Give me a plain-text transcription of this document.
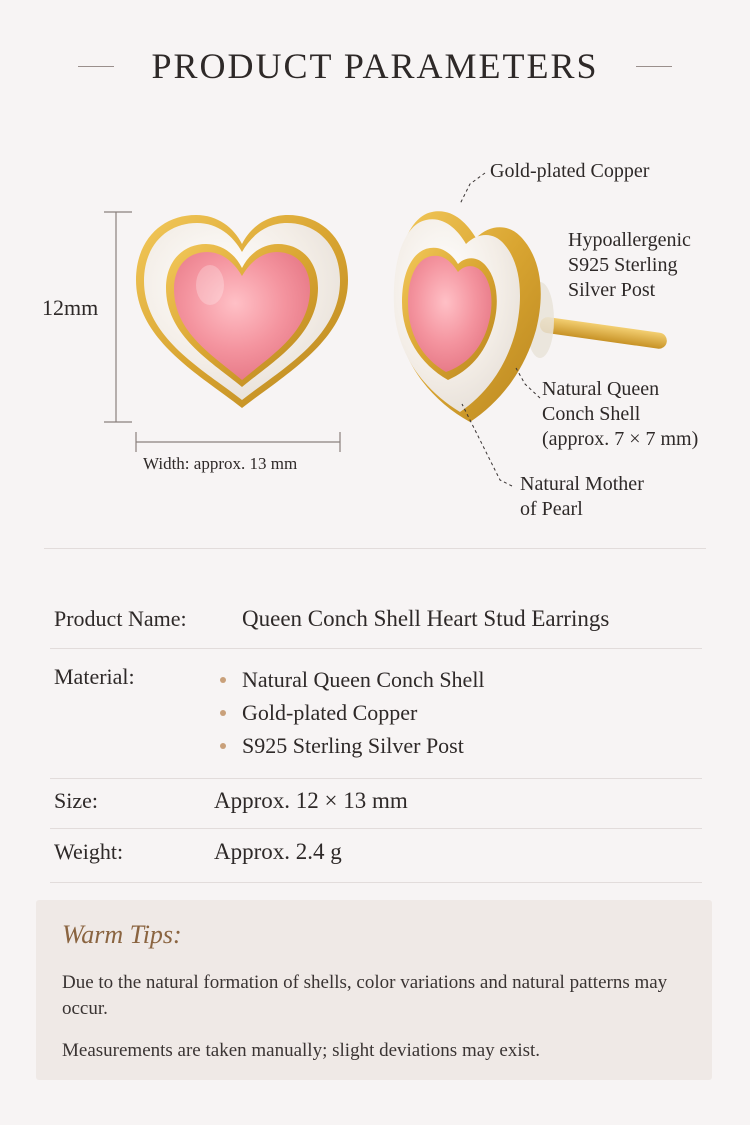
PRODUCT PARAMETERS
12mm
Width: approx. 13 mm
Gold-plated Copper
Hypoallergenic
S925 Sterling
Silver Post
Natural Queen
Conch Shell
(approx. 7 × 7 mm)
Natural Mother
of Pearl
Product Name: Queen Conch Shell Heart Stud Earrings
Material:	Natural Queen Conch Shell
Gold-plated Copper
S925 Sterling Silver Post
Size:	Approx. 12 × 13 mm
Weight:	Approx. 2.4 g
Warm Tips:
Due to the natural formation of shells, color variations and natural patterns may occur.
Measurements are taken manually; slight deviations may exist.
